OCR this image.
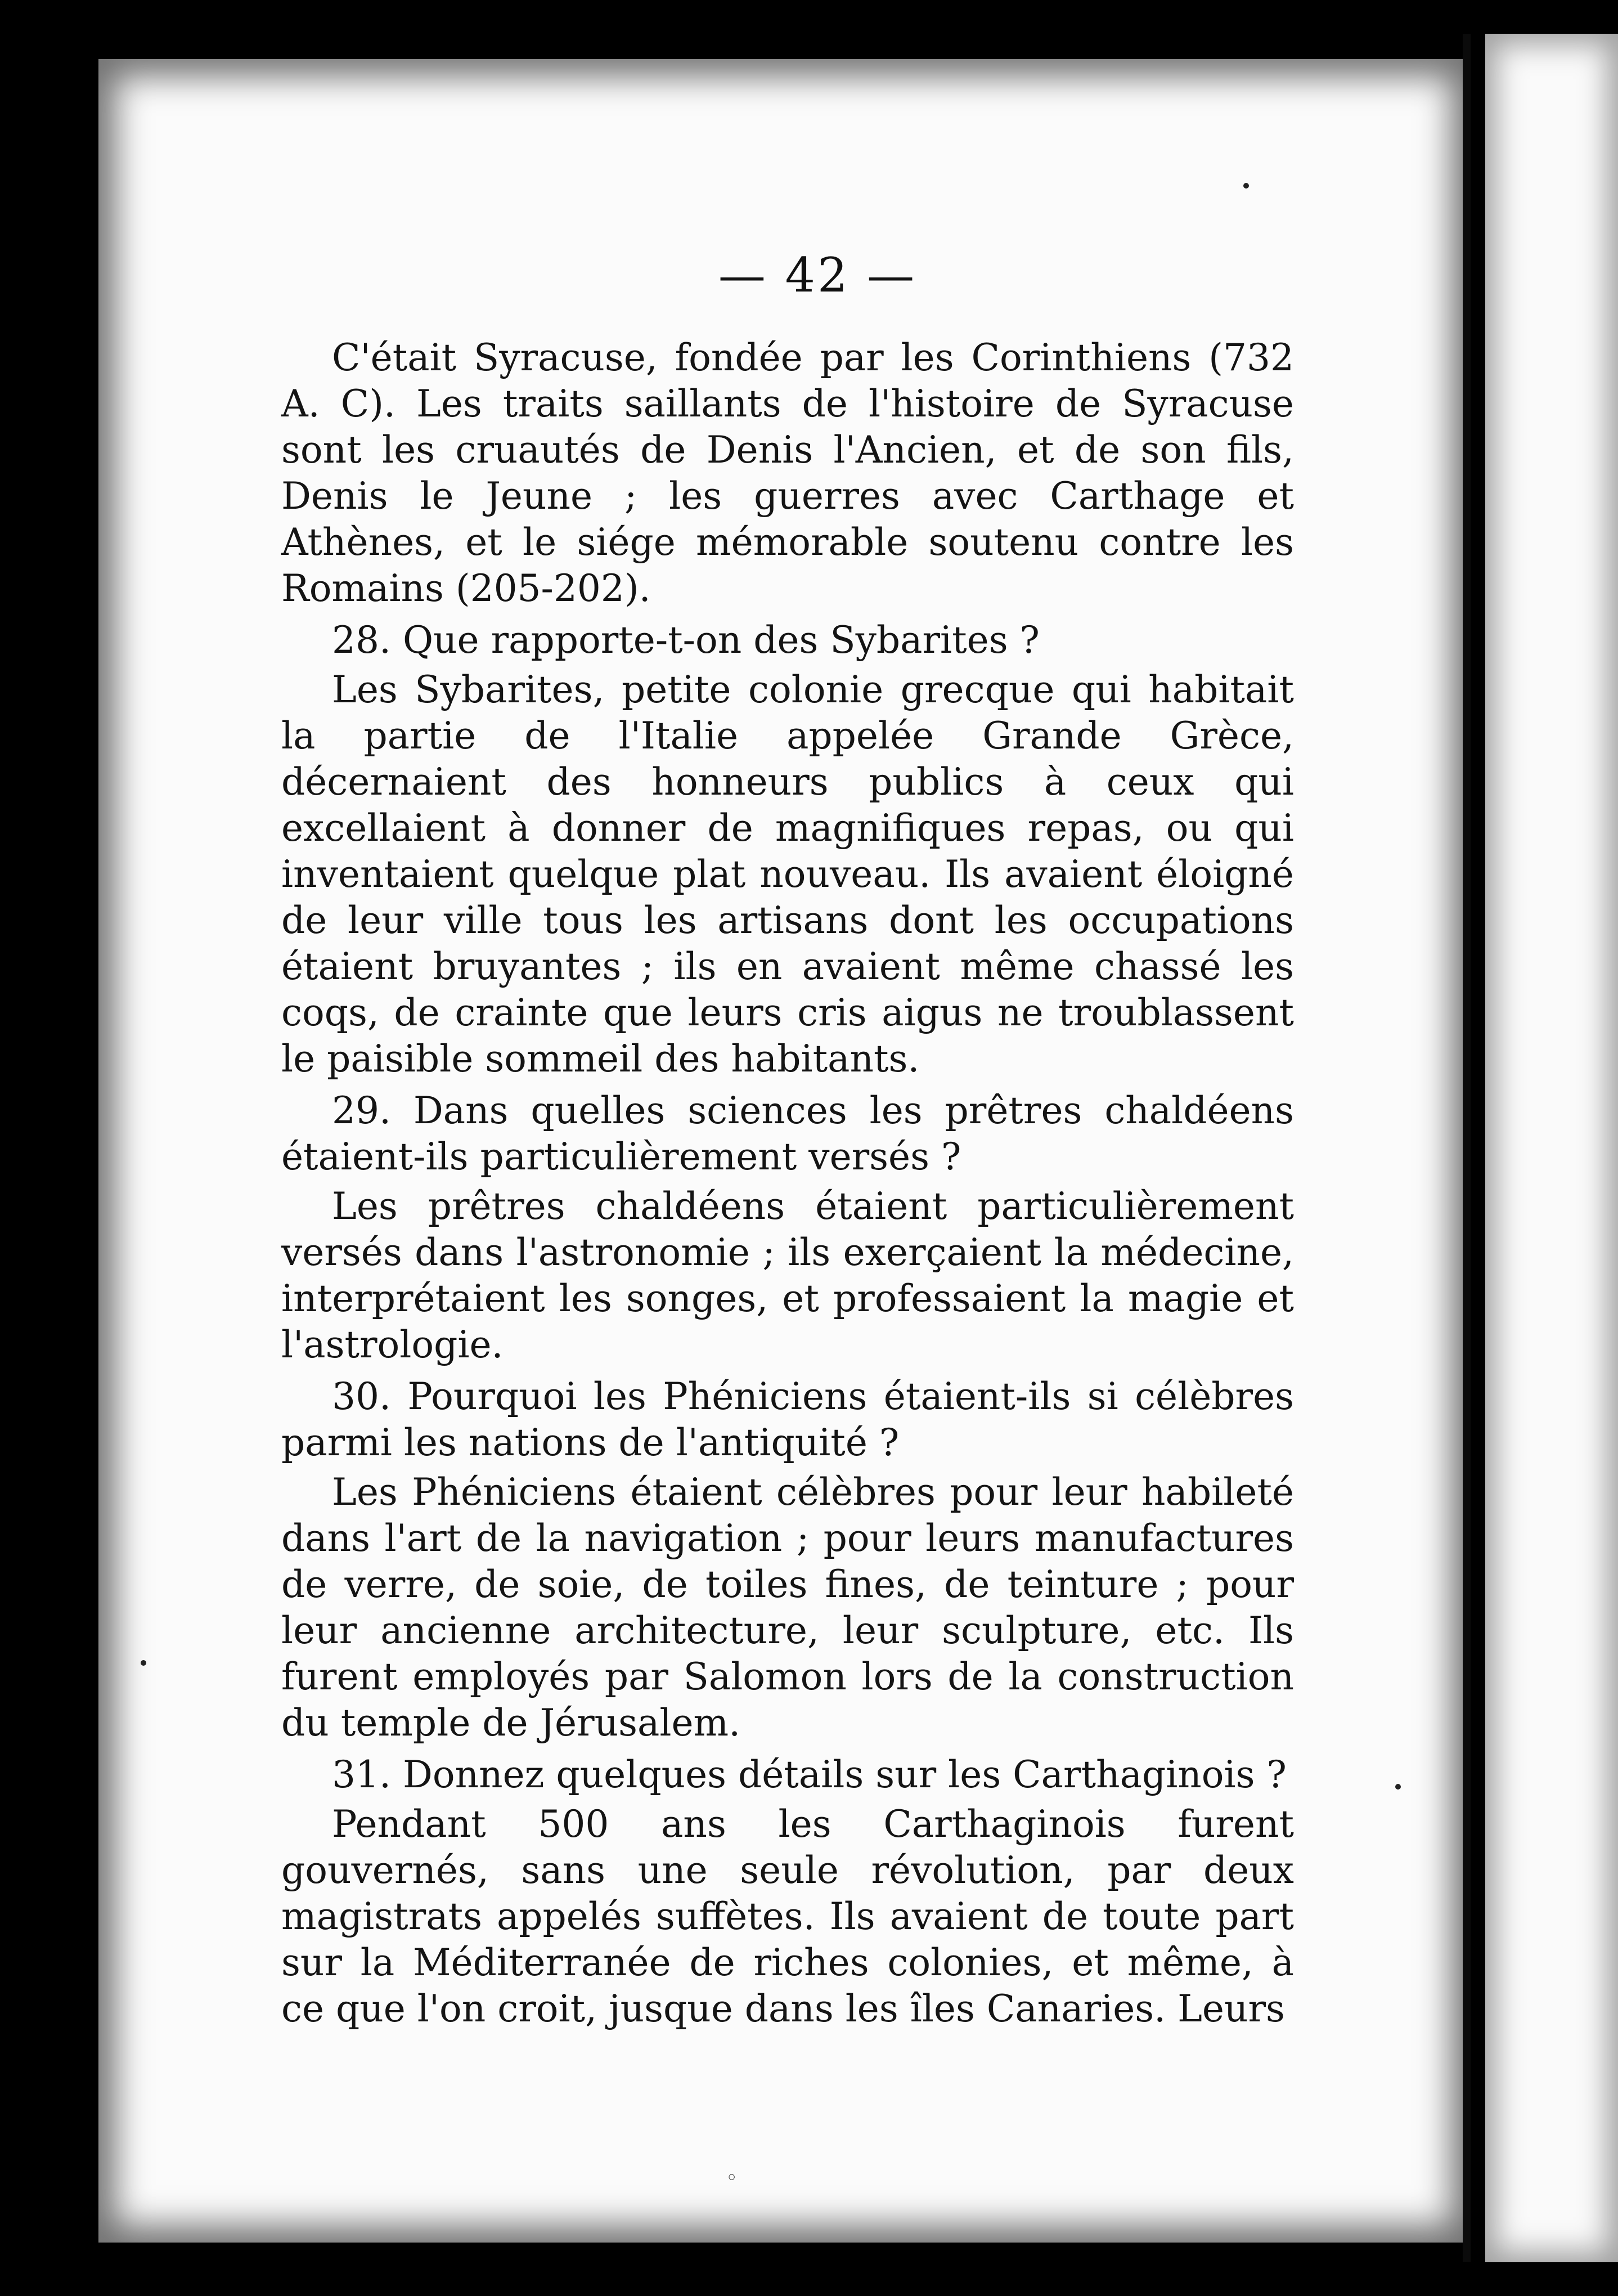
— 42 —

C'était Syracuse, fondée par les Corinthiens (732 A. C). Les traits saillants de l'histoire de Syracuse sont les cruautés de Denis l'Ancien, et de son fils, Denis le Jeune ; les guerres avec Carthage et Athènes, et le siége mémorable soutenu contre les Romains (205-202).

28. Que rapporte-t-on des Sybarites ?

Les Sybarites, petite colonie grecque qui habitait la partie de l'Italie appelée Grande Grèce, décernaient des honneurs publics à ceux qui excellaient à donner de magnifiques repas, ou qui inventaient quelque plat nouveau. Ils avaient éloigné de leur ville tous les artisans dont les occupations étaient bruyantes ; ils en avaient même chassé les coqs, de crainte que leurs cris aigus ne troublassent le paisible sommeil des habitants.

29. Dans quelles sciences les prêtres chaldéens étaient-ils particulièrement versés ?

Les prêtres chaldéens étaient particulièrement versés dans l'astronomie ; ils exerçaient la médecine, interprétaient les songes, et professaient la magie et l'astrologie.

30. Pourquoi les Phéniciens étaient-ils si célèbres parmi les nations de l'antiquité ?

Les Phéniciens étaient célèbres pour leur habileté dans l'art de la navigation ; pour leurs manufactures de verre, de soie, de toiles fines, de teinture ; pour leur ancienne architecture, leur sculpture, etc. Ils furent employés par Salomon lors de la construction du temple de Jérusalem.

31. Donnez quelques détails sur les Carthaginois ?

Pendant 500 ans les Carthaginois furent gouvernés, sans une seule révolution, par deux magistrats appelés suffètes. Ils avaient de toute part sur la Méditerranée de riches colonies, et même, à ce que l'on croit, jusque dans les îles Canaries. Leurs

◦
